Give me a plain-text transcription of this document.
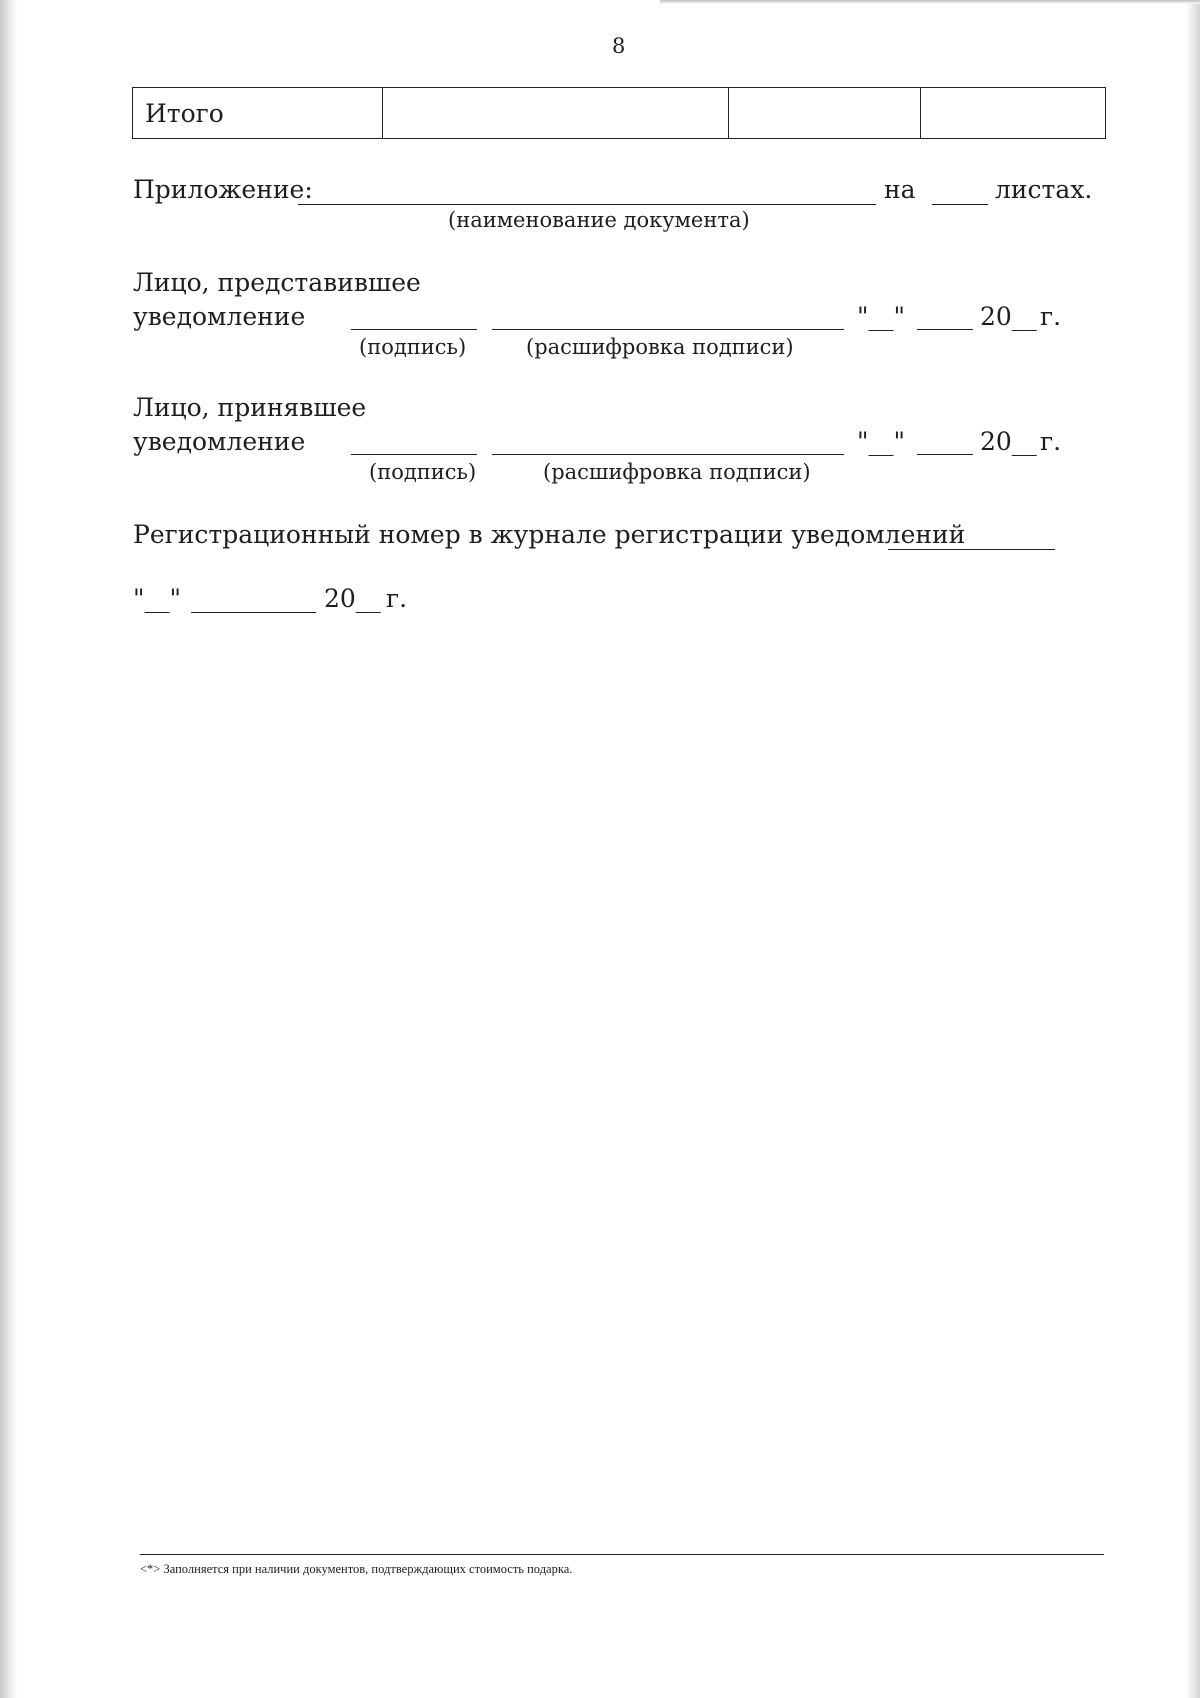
8
Итого			
Приложение:	на	листах.
(наименование документа)
Лицо, представившее
уведомление	"__"	20__ г.
(подпись)	(расшифровка подписи)
Лицо, принявшее
уведомление	"__"	20__ г.
(подпись)	(расшифровка подписи)
Регистрационный номер в журнале регистрации уведомлений
"__"	20__ г.
<*> Заполняется при наличии документов, подтверждающих стоимость подарка.
